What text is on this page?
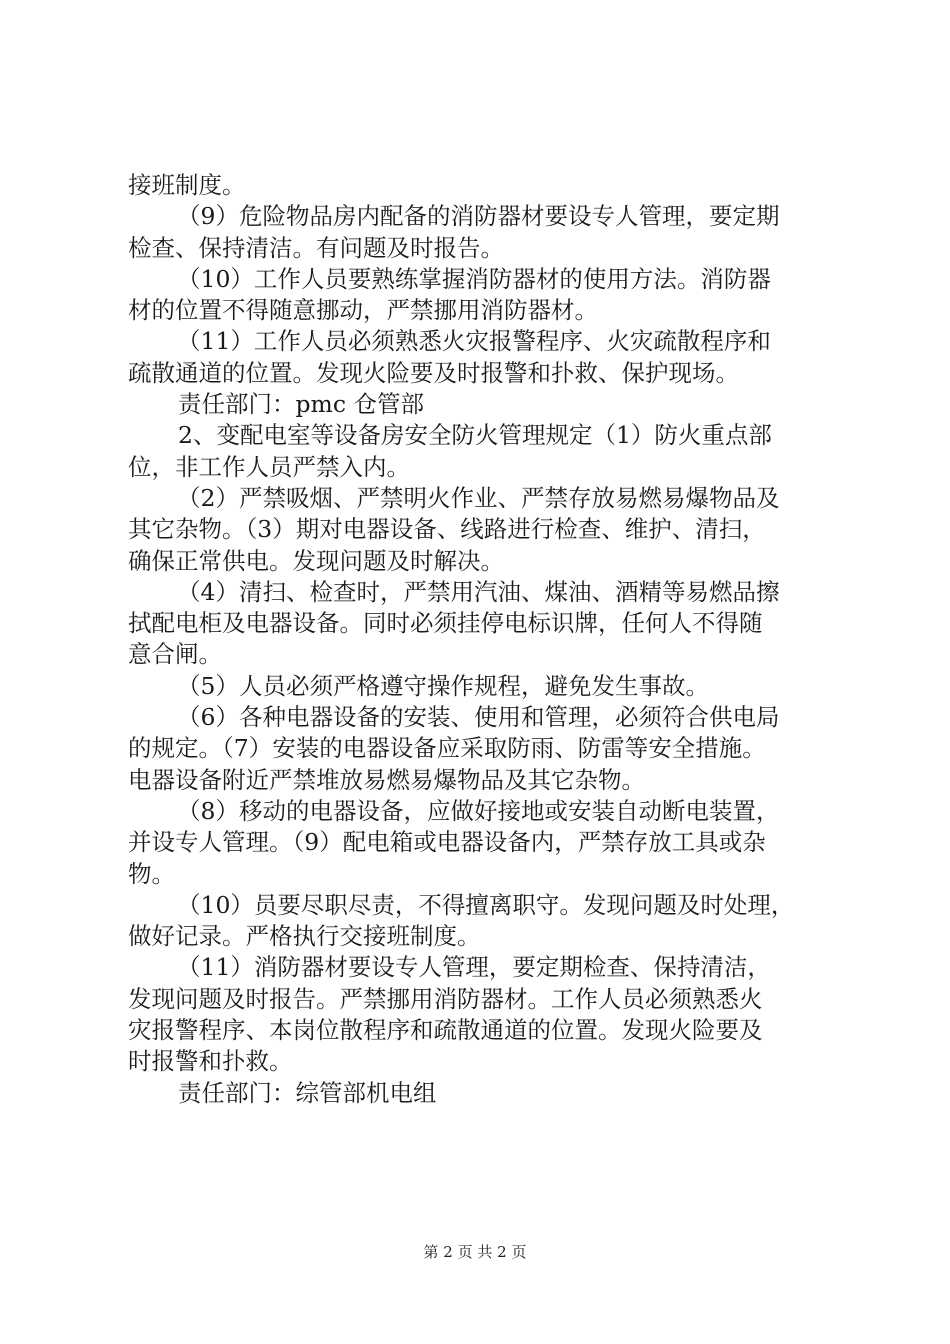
接班制度。
（9）危险物品房内配备的消防器材要设专人管理，要定期
检查、保持清洁。有问题及时报告。
（10）工作人员要熟练掌握消防器材的使用方法。消防器
材的位置不得随意挪动，严禁挪用消防器材。
（11）工作人员必须熟悉火灾报警程序、火灾疏散程序和
疏散通道的位置。发现火险要及时报警和扑救、保护现场。
责任部门：pmc 仓管部
2、变配电室等设备房安全防火管理规定（1）防火重点部
位，非工作人员严禁入内。
（2）严禁吸烟、严禁明火作业、严禁存放易燃易爆物品及
其它杂物。（3）期对电器设备、线路进行检查、维护、清扫，
确保正常供电。发现问题及时解决。
（4）清扫、检查时，严禁用汽油、煤油、酒精等易燃品擦
拭配电柜及电器设备。同时必须挂停电标识牌，任何人不得随
意合闸。
（5）人员必须严格遵守操作规程，避免发生事故。
（6）各种电器设备的安装、使用和管理，必须符合供电局
的规定。（7）安装的电器设备应采取防雨、防雷等安全措施。
电器设备附近严禁堆放易燃易爆物品及其它杂物。
（8）移动的电器设备，应做好接地或安装自动断电装置，
并设专人管理。（9）配电箱或电器设备内，严禁存放工具或杂
物。
（10）员要尽职尽责，不得擅离职守。发现问题及时处理，
做好记录。严格执行交接班制度。
（11）消防器材要设专人管理，要定期检查、保持清洁，
发现问题及时报告。严禁挪用消防器材。工作人员必须熟悉火
灾报警程序、本岗位散程序和疏散通道的位置。发现火险要及
时报警和扑救。
责任部门：综管部机电组
第 2 页 共 2 页
